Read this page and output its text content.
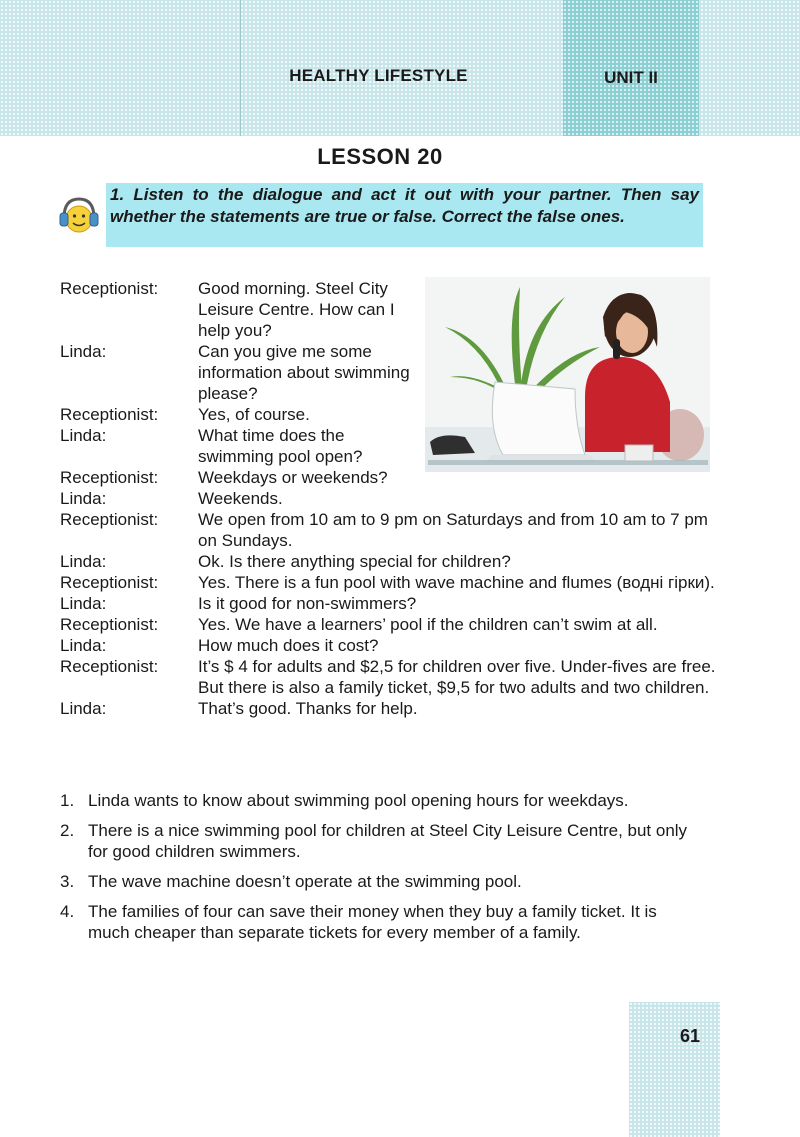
HEALTHY LIFESTYLE	UNIT II
LESSON 20
1. Listen to the dialogue and act it out with your partner. Then say whether the statements are true or false. Correct the false ones.
Receptionist:	Good morning. Steel City Leisure Centre. How can I help you?
Linda:	Can you give me some information about swimming please?
Receptionist:	Yes, of course.
Linda:	What time does the swimming pool open?
Receptionist:	Weekdays or weekends?
Linda:	Weekends.
Receptionist:	We open from 10 am to 9 pm on Saturdays and from 10 am to 7 pm on Sundays.
Linda:	Ok. Is there anything special for children?
Receptionist:	Yes. There is a fun pool with wave machine and flumes (водні гірки).
Linda:	Is it good for non-swimmers?
Receptionist:	Yes. We have a learners’ pool if the children can’t swim at all.
Linda:	How much does it cost?
Receptionist:	It’s $ 4 for adults and $2,5 for children over five. Under-fives are free. But there is also a family ticket, $9,5 for two adults and two children.
Linda:	That’s good. Thanks for help.
1. Linda wants to know about swimming pool opening hours for weekdays.
2. There is a nice swimming pool for children at Steel City Leisure Centre, but only for good children swimmers.
3. The wave machine doesn’t operate at the swimming pool.
4. The families of four can save their money when they buy a family ticket. It is much cheaper than separate tickets for every member of a family.
61
